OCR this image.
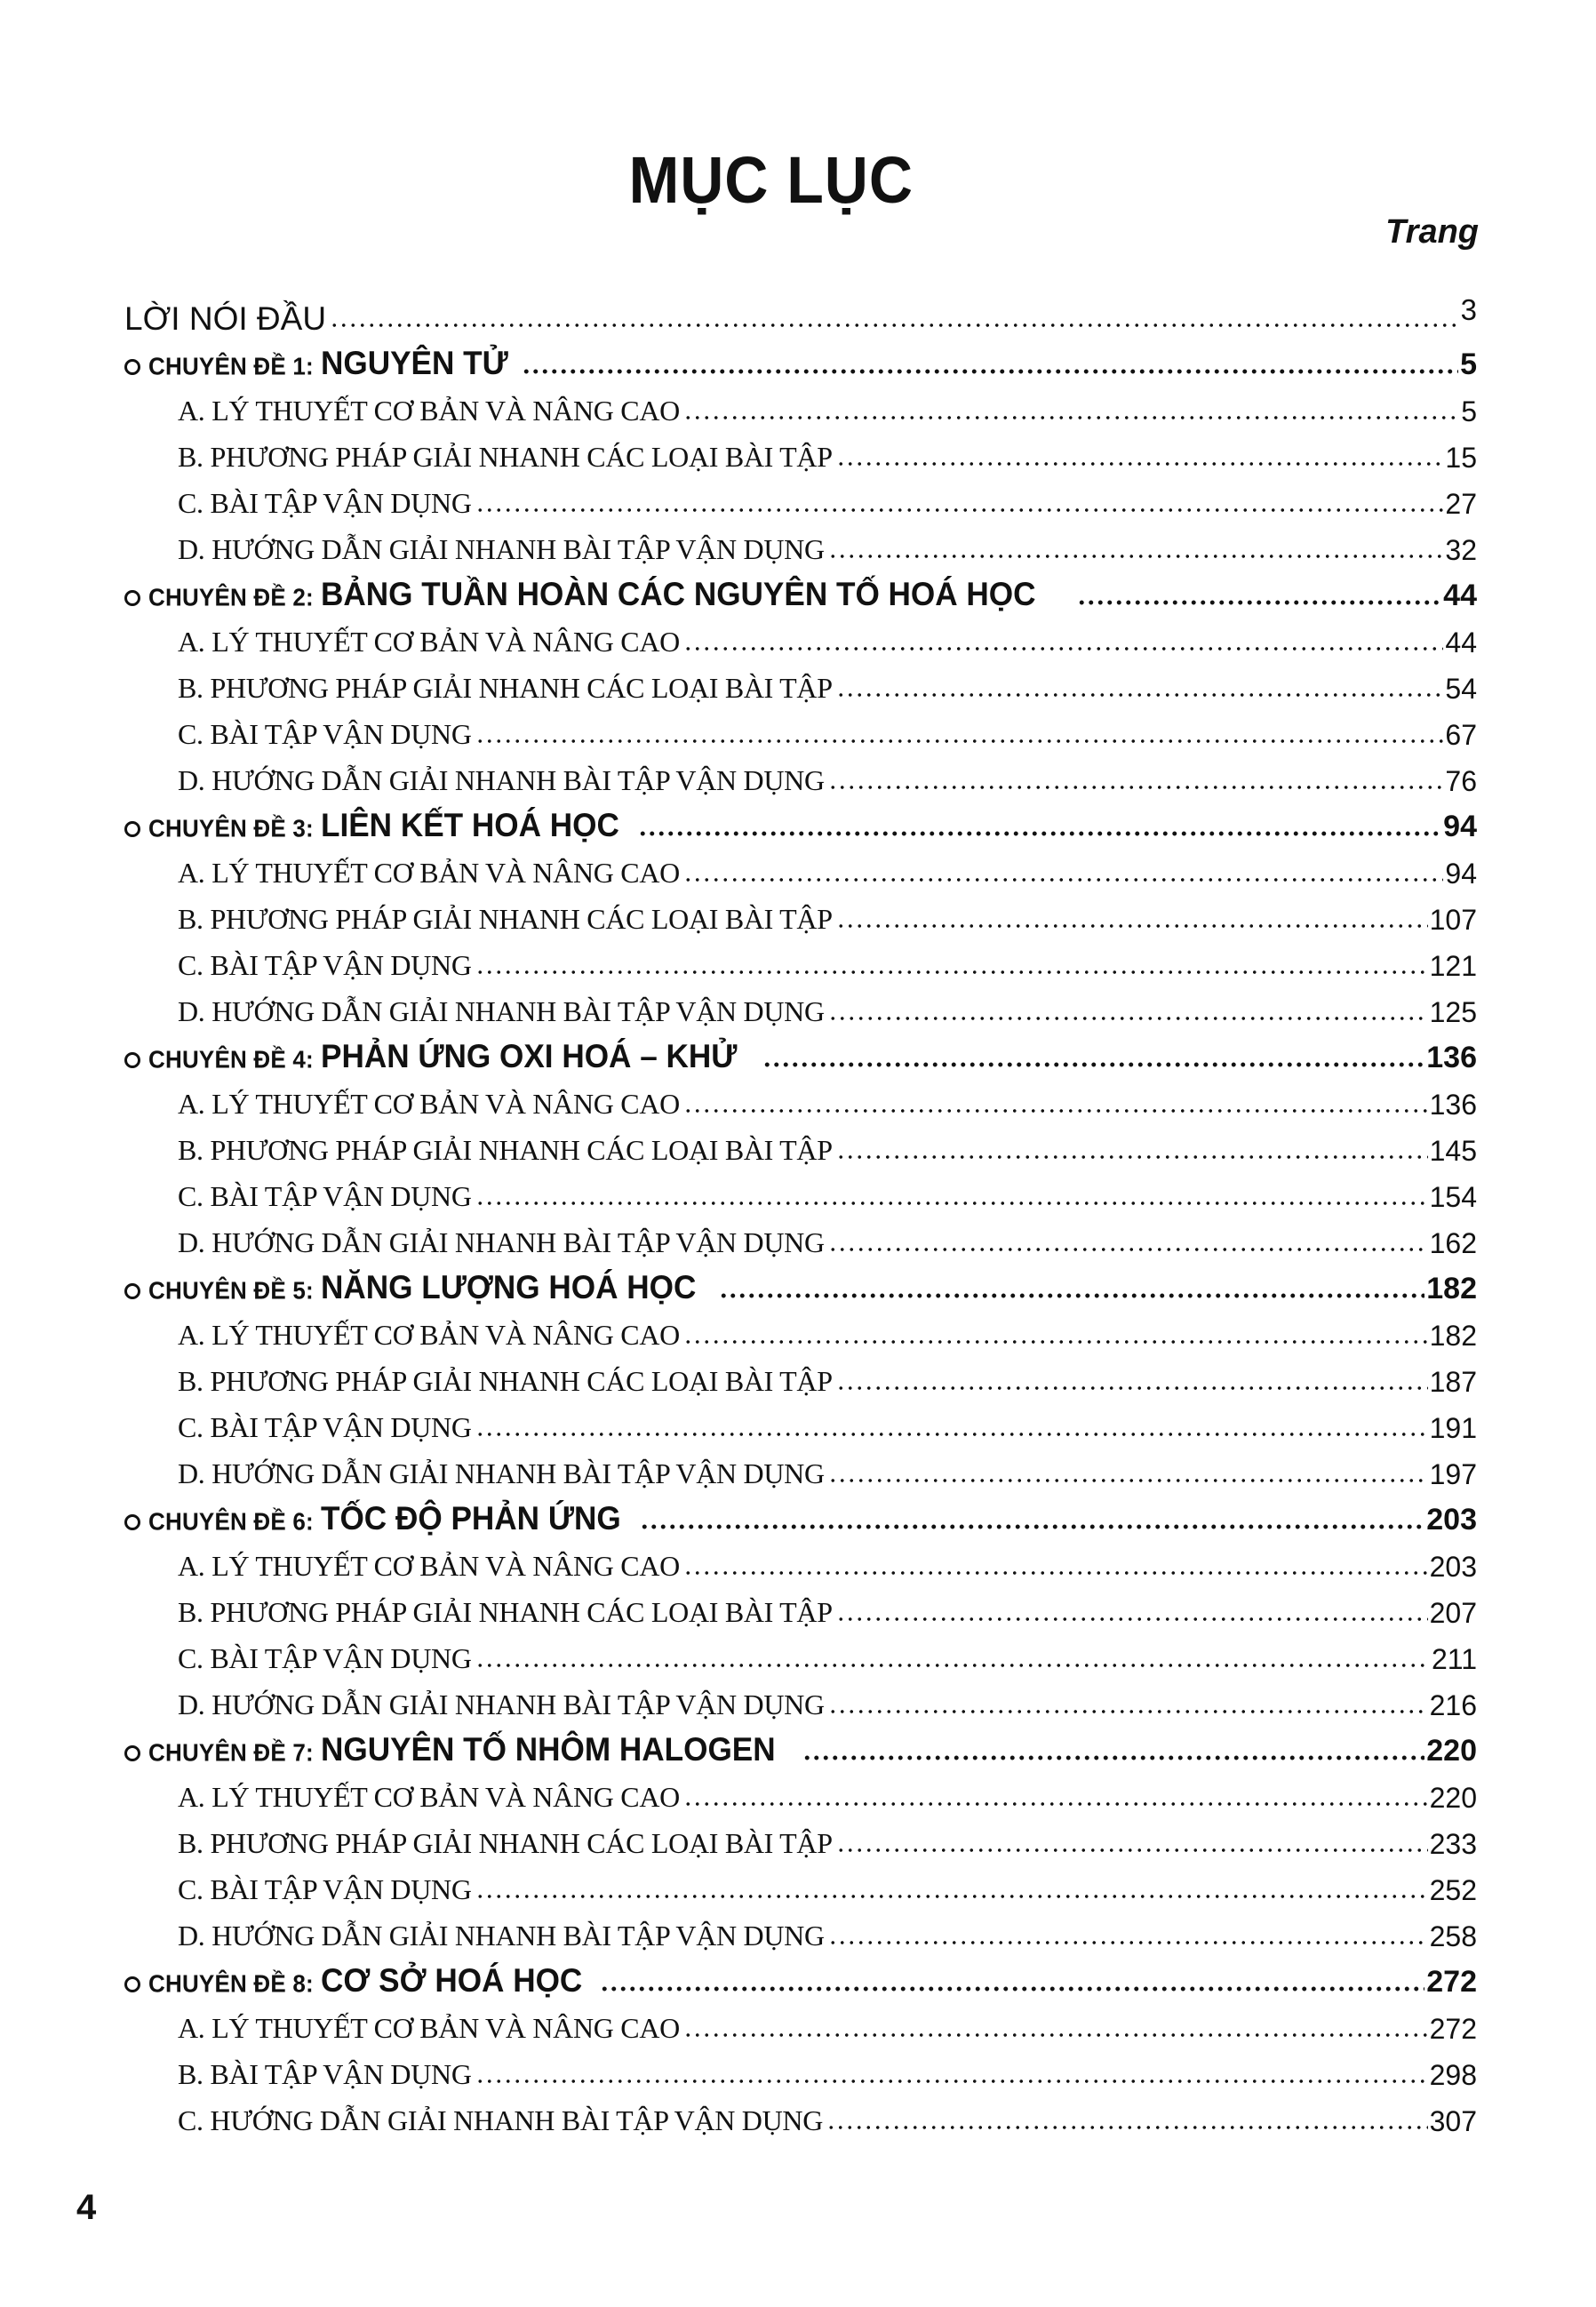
MỤC LỤC
Trang
LỜI NÓI ĐẦU	3
CHUYÊN ĐỀ 1: NGUYÊN TỬ	5
A. LÝ THUYẾT CƠ BẢN VÀ NÂNG CAO	5
B. PHƯƠNG PHÁP GIẢI NHANH CÁC LOẠI BÀI TẬP	15
C. BÀI TẬP VẬN DỤNG	27
D. HƯỚNG DẪN GIẢI NHANH BÀI TẬP VẬN DỤNG	32
CHUYÊN ĐỀ 2: BẢNG TUẦN HOÀN CÁC NGUYÊN TỐ HOÁ HỌC	44
A. LÝ THUYẾT CƠ BẢN VÀ NÂNG CAO	44
B. PHƯƠNG PHÁP GIẢI NHANH CÁC LOẠI BÀI TẬP	54
C. BÀI TẬP VẬN DỤNG	67
D. HƯỚNG DẪN GIẢI NHANH BÀI TẬP VẬN DỤNG	76
CHUYÊN ĐỀ 3: LIÊN KẾT HOÁ HỌC	94
A. LÝ THUYẾT CƠ BẢN VÀ NÂNG CAO	94
B. PHƯƠNG PHÁP GIẢI NHANH CÁC LOẠI BÀI TẬP	107
C. BÀI TẬP VẬN DỤNG	121
D. HƯỚNG DẪN GIẢI NHANH BÀI TẬP VẬN DỤNG	125
CHUYÊN ĐỀ 4: PHẢN ỨNG OXI HOÁ – KHỬ	136
A. LÝ THUYẾT CƠ BẢN VÀ NÂNG CAO	136
B. PHƯƠNG PHÁP GIẢI NHANH CÁC LOẠI BÀI TẬP	145
C. BÀI TẬP VẬN DỤNG	154
D. HƯỚNG DẪN GIẢI NHANH BÀI TẬP VẬN DỤNG	162
CHUYÊN ĐỀ 5: NĂNG LƯỢNG HOÁ HỌC	182
A. LÝ THUYẾT CƠ BẢN VÀ NÂNG CAO	182
B. PHƯƠNG PHÁP GIẢI NHANH CÁC LOẠI BÀI TẬP	187
C. BÀI TẬP VẬN DỤNG	191
D. HƯỚNG DẪN GIẢI NHANH BÀI TẬP VẬN DỤNG	197
CHUYÊN ĐỀ 6: TỐC ĐỘ PHẢN ỨNG	203
A. LÝ THUYẾT CƠ BẢN VÀ NÂNG CAO	203
B. PHƯƠNG PHÁP GIẢI NHANH CÁC LOẠI BÀI TẬP	207
C. BÀI TẬP VẬN DỤNG	211
D. HƯỚNG DẪN GIẢI NHANH BÀI TẬP VẬN DỤNG	216
CHUYÊN ĐỀ 7: NGUYÊN TỐ NHÔM HALOGEN	220
A. LÝ THUYẾT CƠ BẢN VÀ NÂNG CAO	220
B. PHƯƠNG PHÁP GIẢI NHANH CÁC LOẠI BÀI TẬP	233
C. BÀI TẬP VẬN DỤNG	252
D. HƯỚNG DẪN GIẢI NHANH BÀI TẬP VẬN DỤNG	258
CHUYÊN ĐỀ 8: CƠ SỞ HOÁ HỌC	272
A. LÝ THUYẾT CƠ BẢN VÀ NÂNG CAO	272
B. BÀI TẬP VẬN DỤNG	298
C. HƯỚNG DẪN GIẢI NHANH BÀI TẬP VẬN DỤNG	307
4
